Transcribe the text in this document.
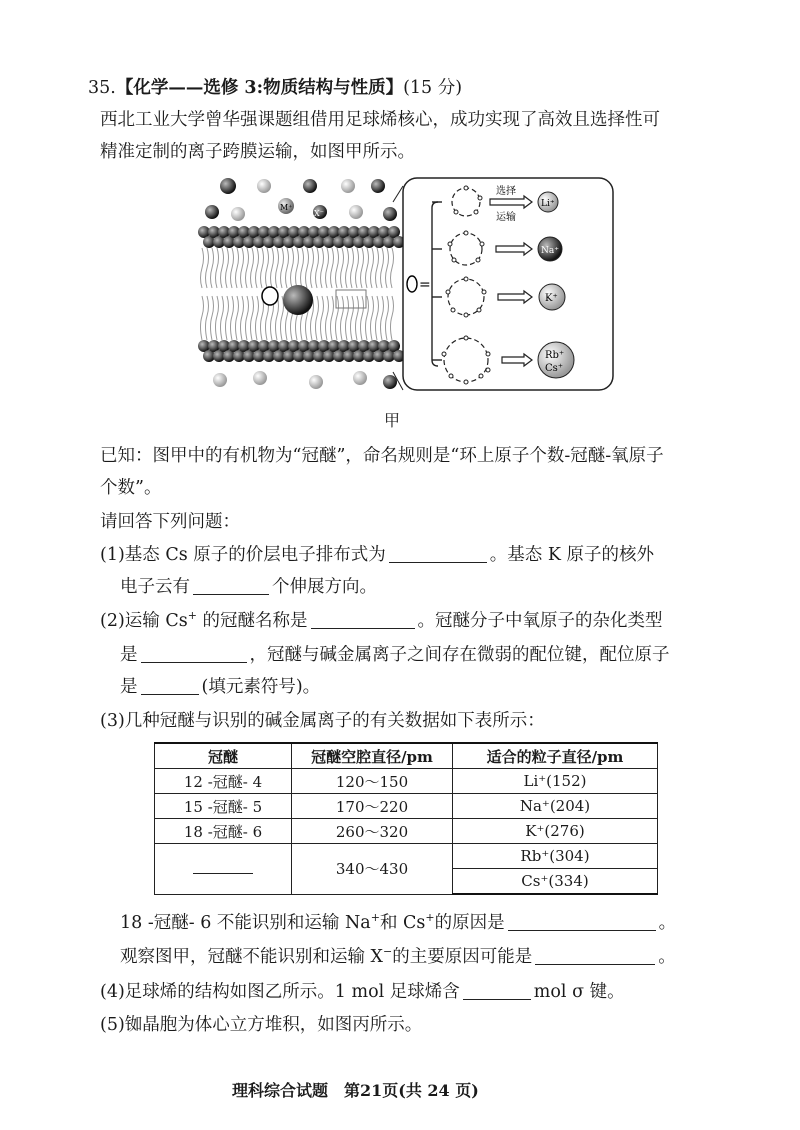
35.【化学——选修 3:物质结构与性质】(15 分)
西北工业大学曾华强课题组借用足球烯核心，成功实现了高效且选择性可
精准定制的离子跨膜运输，如图甲所示。
M⁺
X⁻
=
选择
运输
Li⁺
Na⁺
K⁺
Rb⁺
Cs⁺
甲
已知：图甲中的有机物为“冠醚”，命名规则是“环上原子个数-冠醚-氧原子
个数”。
请回答下列问题：
(1)基态 Cs 原子的价层电子排布式为	。基态 K 原子的核外
电子云有	个伸展方向。
(2)运输 Cs+ 的冠醚名称是	。冠醚分子中氧原子的杂化类型
是	，冠醚与碱金属离子之间存在微弱的配位键，配位原子
是	(填元素符号)。
(3)几种冠醚与识别的碱金属离子的有关数据如下表所示：
冠醚	冠醚空腔直径/pm	适合的粒子直径/pm
12 -冠醚- 4	120～150	Li⁺(152)
15 -冠醚- 5	170～220	Na⁺(204)
18 -冠醚- 6	260～320	K⁺(276)
	340～430	Rb⁺(304)
		Cs⁺(334)
18 -冠醚- 6 不能识别和运输 Na+和 Cs+的原因是	。
观察图甲，冠醚不能识别和运输 X−的主要原因可能是	。
(4)足球烯的结构如图乙所示。1 mol 足球烯含	mol σ 键。
(5)铷晶胞为体心立方堆积，如图丙所示。
理科综合试题　第21页(共 24 页)
